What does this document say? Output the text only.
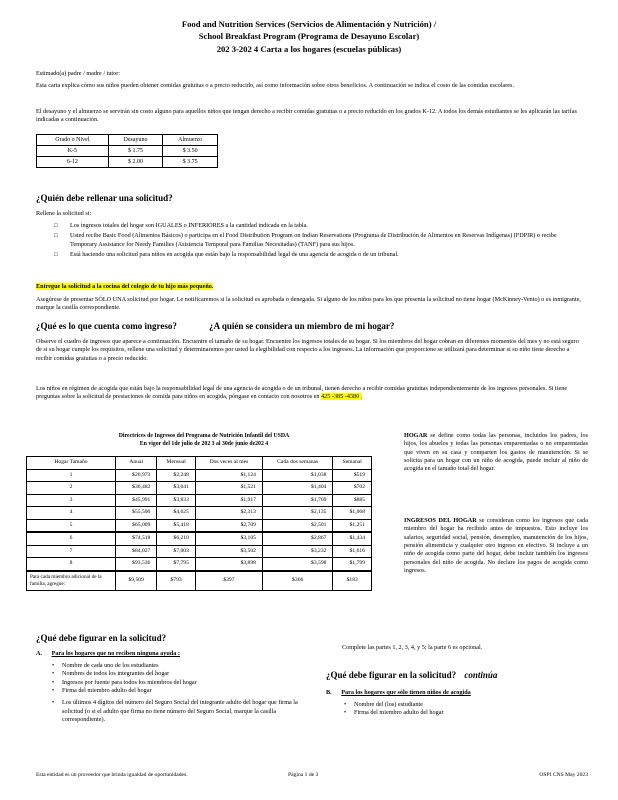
Food and Nutrition Services (Servicios de Alimentación y Nutrición) /
School Breakfast Program (Programa de Desayuno Escolar)
202 3-202 4 Carta a los hogares (escuelas públicas)
Estimado(a) padre / madre / tutor:
Esta carta explica cómo sus niños pueden obtener comidas gratuitas o a precio reducido, así como información sobre otros beneficios. A continuación se indica el costo de las comidas escolares.
El desayuno y el almuerzo se servirán sin costo alguno para aquellos niños que tengan derecho a recibir comidas gratuitas o a precio reducido en los grados K-12. A todos los demás estudiantes se les aplicarán las tarifas indicadas a continuación.
Grado o Nivel	Desayuno	Almuerzo
K-5	$ 1.75	$ 3.50
6-12	$ 2.00	$ 3.75
¿Quién debe rellenar una solicitud?
Rellene la solicitud si:
□ Los ingresos totales del hogar son IGUALES o INFERIORES a la cantidad indicada en la tabla.
□ Usted recibe Basic Food (Alimentos Básicos) o participa en el Food Distribution Program on Indian Reservations (Programa de Distribución de Alimentos en Reservas Indígenas) (FDPIR) o recibe Temporary Assistance for Needy Families (Asistencia Temporal para Familias Necesitadas) (TANF) para sus hijos.
□ Está haciendo una solicitud para niños en acogida que están bajo la responsabilidad legal de una agencia de acogida o de un tribunal.
Entregue la solicitud a la cocina del colegio de tu hijo más pequeño.
Asegúrese de presentar SÓLO UNA solicitud por hogar. Le notificaremos si la solicitud es aprobada o denegada. Si alguno de los niños para los que presenta la solicitud no tiene hogar (McKinney-Vento) o es inmigrante, marque la casilla correspondiente.
¿Qué es lo que cuenta como ingreso?	¿A quién se considera un miembro de mi hogar?
Observe el cuadro de ingresos que aparece a continuación. Encuentre el tamaño de su hogar. Encuentre los ingresos totales de su hogar. Si los miembros del hogar cobran en diferentes momentos del mes y no está seguro de si su hogar cumple los requisitos, rellene una solicitud y determinaremos por usted la elegibilidad con respecto a los ingresos. La información que proporcione se utilizará para determinar si su niño tiene derecho a recibir comidas gratuitas o a precio reducido.
Los niños en régimen de acogida que están bajo la responsabilidad legal de una agencia de acogida o de un tribunal, tienen derecho a recibir comidas gratuitas independientemente de los ingresos personales. Si tiene preguntas sobre la solicitud de prestaciones de comida para niños en acogida, póngase en contacto con nosotros en 425 -385 -4380 .
Directrices de Ingresos del Programa de Nutrición Infantil del USDA
En vigor del 1de julio de 202 3 al 30de junio de202 4
Hogar Tamaño	Anual	Mensual	Dos veces al mes	Cada dos semanas	Semanal
1	$26,973	$2,248	$1,124	$1,038	$519
2	$36,482	$3,041	$1,521	$1,404	$702
3	$45,991	$3,833	$1,917	$1,769	$885
4	$55,500	$4,625	$2,313	$2,135	$1,068
5	$65,009	$5,418	$2,709	$2,501	$1,251
6	$74,518	$6,210	$3,105	$2,867	$1,434
7	$84,027	$7,003	$3,502	$3,232	$1,616
8	$93,536	$7,795	$3,898	$3,598	$1,799
Para cada miembro adicional de la familia, agregue:	$9,509	$793	$397	$366	$183
HOGAR se define como todas las personas, incluidos los padres, los hijos, los abuelos y todas las personas emparentadas o no emparentadas que viven en su casa y comparten los gastos de manutención. Si se solicita para un hogar con un niño de acogida, puede incluir al niño de acogida en el tamaño total del hogar.
INGRESOS DEL HOGAR se consideran como los ingresos que cada miembro del hogar ha recibido antes de impuestos. Esto incluye los salarios, seguridad social, pensión, desempleo, manutención de los hijos, pensión alimenticia y cualquier otro ingreso en efectivo. Si incluye a un niño de acogida como parte del hogar, debe incluir también los ingresos personales del niño de acogida. No declare los pagos de acogida como ingresos.
¿Qué debe figurar en la solicitud?
A. Para los hogares que no reciben ninguna ayuda :
• Nombre de cada uno de los estudiantes
• Nombres de todos los integrantes del hogar
• Ingresos por fuente para todos los miembros del hogar
• Firma del miembro adulto del hogar
• Los últimos 4 dígitos del número del Seguro Social del integrante adulto del hogar que firma la solicitud (o si el adulto que firma no tiene número del Seguro Social, marque la casilla correspondiente).
Complete las partes 1, 2, 3, 4, y 5; la parte 6 es opcional.
¿Qué debe figurar en la solicitud? continúa
B. Para los hogares que sólo tienen niños de acogida
• Nombre del (los) estudiante
• Firma del miembro adulto del hogar
Esta entidad es un proveedor que brinda igualdad de oportunidades.	Página 1 de 3	OSPI CNS May 2023
